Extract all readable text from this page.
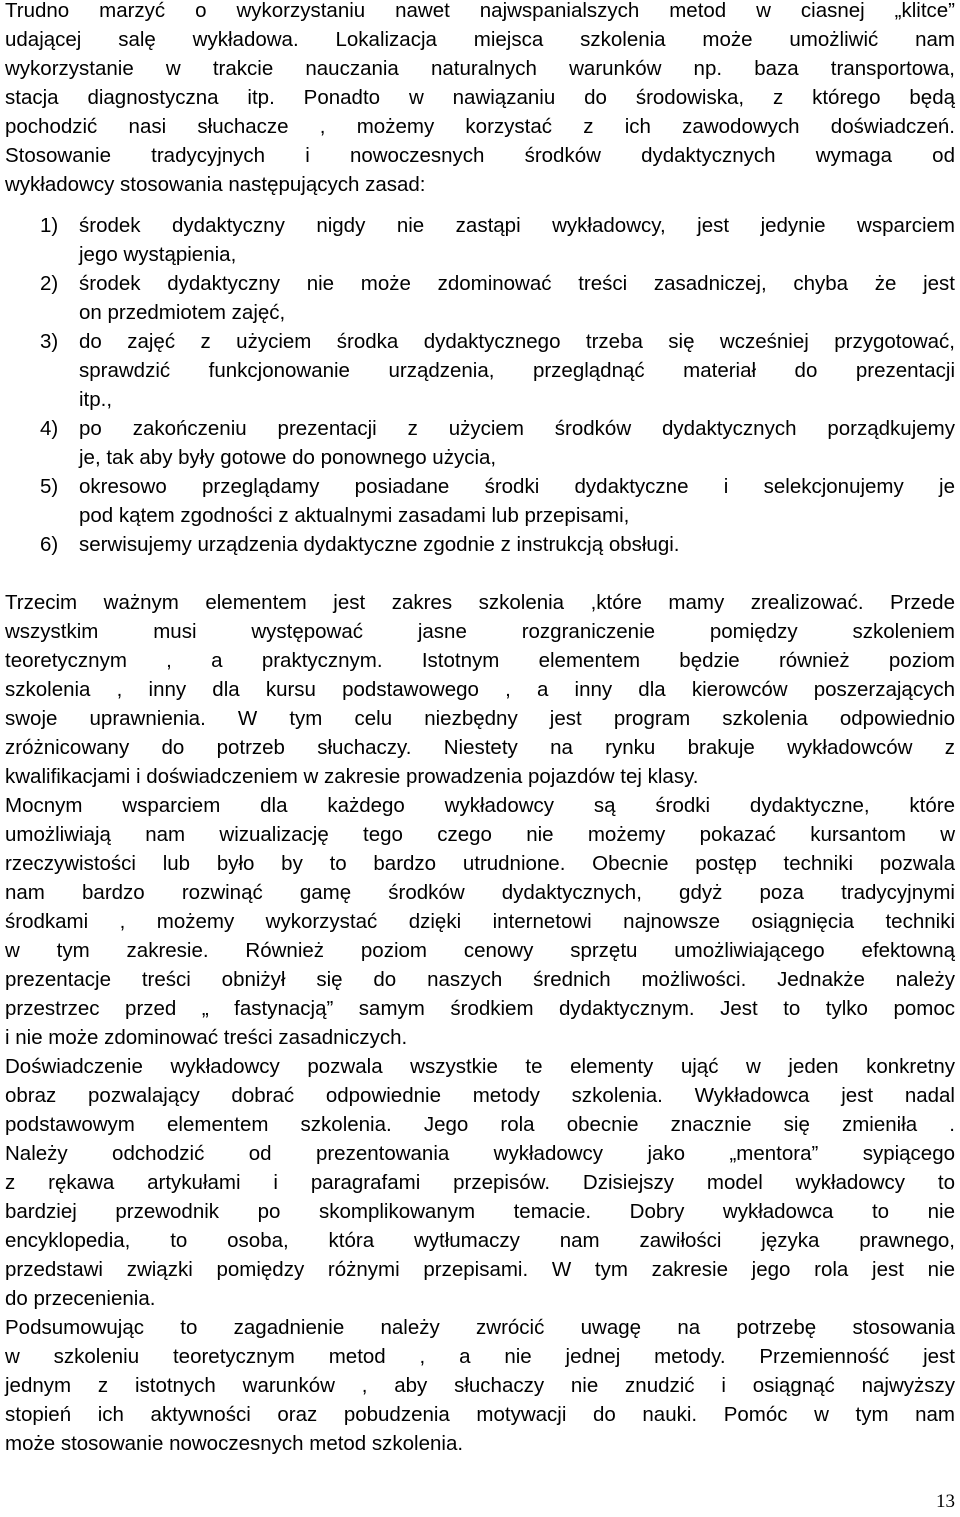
Trudno marzyć o wykorzystaniu nawet najwspanialszych metod w ciasnej „klitce”
udającej salę wykładowa. Lokalizacja miejsca szkolenia może umożliwić nam
wykorzystanie w trakcie nauczania naturalnych warunków np. baza transportowa,
stacja diagnostyczna itp. Ponadto w nawiązaniu do środowiska, z którego będą
pochodzić nasi słuchacze , możemy korzystać z ich zawodowych doświadczeń.
Stosowanie tradycyjnych i nowoczesnych środków dydaktycznych wymaga od
wykładowcy stosowania następujących zasad:
1) środek dydaktyczny nigdy nie zastąpi wykładowcy, jest jedynie wsparciem
jego wystąpienia,
2) środek dydaktyczny nie może zdominować treści zasadniczej, chyba że jest
on przedmiotem zajęć,
3) do zajęć z użyciem środka dydaktycznego trzeba się wcześniej przygotować,
sprawdzić funkcjonowanie urządzenia, przeglądnąć materiał do prezentacji
itp.,
4) po zakończeniu prezentacji z użyciem środków dydaktycznych porządkujemy
je, tak aby były gotowe do ponownego użycia,
5) okresowo przeglądamy posiadane środki dydaktyczne i selekcjonujemy je
pod kątem zgodności z aktualnymi zasadami lub przepisami,
6) serwisujemy urządzenia dydaktyczne zgodnie z instrukcją obsługi.
Trzecim ważnym elementem jest zakres szkolenia ,które mamy zrealizować. Przede
wszystkim musi występować jasne rozgraniczenie pomiędzy szkoleniem
teoretycznym , a praktycznym. Istotnym elementem będzie również poziom
szkolenia , inny dla kursu podstawowego , a inny dla kierowców poszerzających
swoje uprawnienia. W tym celu niezbędny jest program szkolenia odpowiednio
zróżnicowany do potrzeb słuchaczy. Niestety na rynku brakuje wykładowców z
kwalifikacjami i doświadczeniem w zakresie prowadzenia pojazdów tej klasy.
Mocnym wsparciem dla każdego wykładowcy są środki dydaktyczne, które
umożliwiają nam wizualizację tego czego nie możemy pokazać kursantom w
rzeczywistości lub było by to bardzo utrudnione. Obecnie postęp techniki pozwala
nam bardzo rozwinąć gamę środków dydaktycznych, gdyż poza tradycyjnymi
środkami , możemy wykorzystać dzięki internetowi najnowsze osiągnięcia techniki
w tym zakresie. Również poziom cenowy sprzętu umożliwiającego efektowną
prezentacje treści obniżył się do naszych średnich możliwości. Jednakże należy
przestrzec przed „ fastynacją” samym środkiem dydaktycznym. Jest to tylko pomoc
i nie może zdominować treści zasadniczych.
Doświadczenie wykładowcy pozwala wszystkie te elementy ująć w jeden konkretny
obraz pozwalający dobrać odpowiednie metody szkolenia. Wykładowca jest nadal
podstawowym elementem szkolenia. Jego rola obecnie znacznie się zmieniła .
Należy odchodzić od prezentowania wykładowcy jako „mentora” sypiącego
z rękawa artykułami i paragrafami przepisów. Dzisiejszy model wykładowcy to
bardziej przewodnik po skomplikowanym temacie. Dobry wykładowca to nie
encyklopedia, to osoba, która wytłumaczy nam zawiłości języka prawnego,
przedstawi związki pomiędzy różnymi przepisami. W tym zakresie jego rola jest nie
do przecenienia.
Podsumowując to zagadnienie należy zwrócić uwagę na potrzebę stosowania
w szkoleniu teoretycznym metod , a nie jednej metody. Przemienność jest
jednym z istotnych warunków , aby słuchaczy nie znudzić i osiągnąć najwyższy
stopień ich aktywności oraz pobudzenia motywacji do nauki. Pomóc w tym nam
może stosowanie nowoczesnych metod szkolenia.
13
